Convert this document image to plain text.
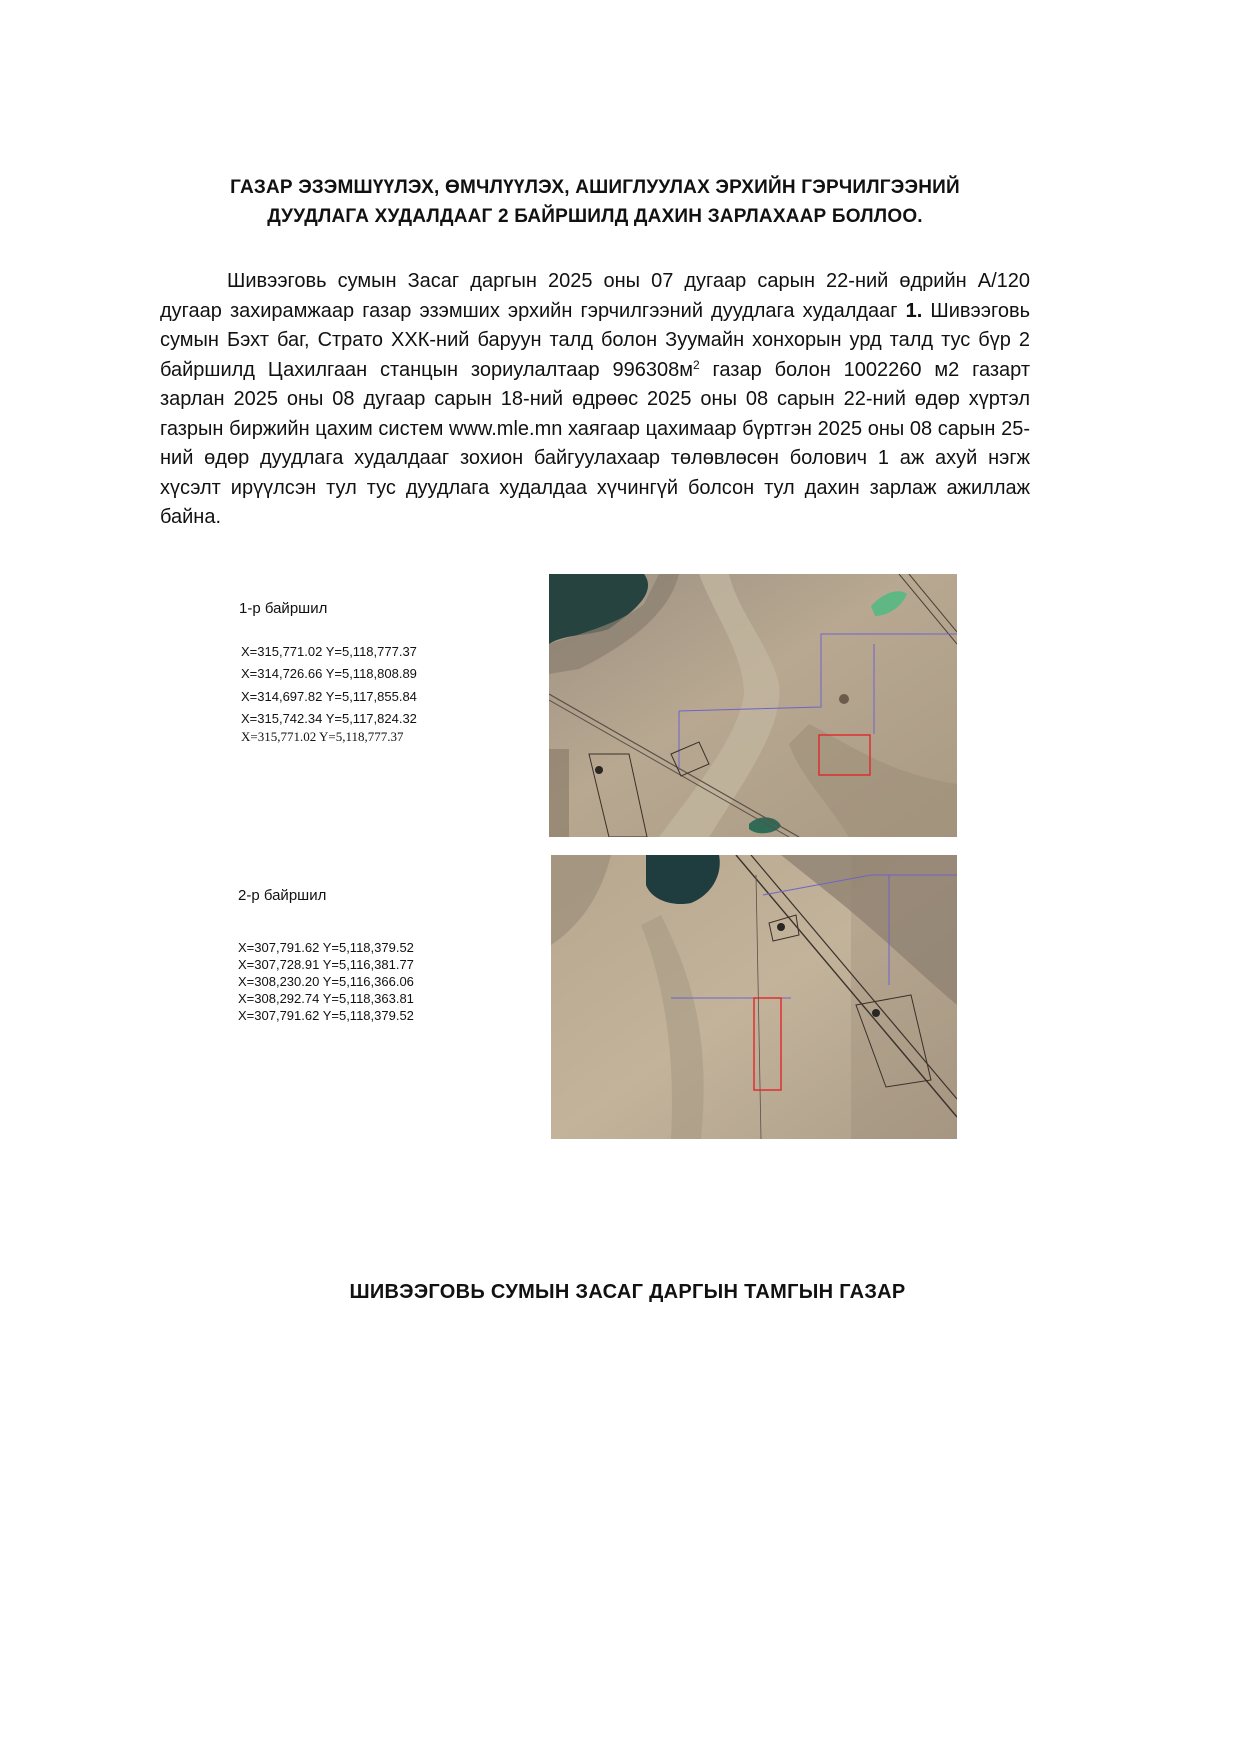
ГАЗАР ЭЗЭМШҮҮЛЭХ, ӨМЧЛҮҮЛЭХ, АШИГЛУУЛАХ ЭРХИЙН ГЭРЧИЛГЭЭНИЙ
ДУУДЛАГА ХУДАЛДААГ 2 БАЙРШИЛД ДАХИН ЗАРЛАХААР БОЛЛОО.
Шивээговь сумын Засаг даргын 2025 оны 07 дугаар сарын 22-ний өдрийн А/120 дугаар захирамжаар газар эзэмших эрхийн гэрчилгээний дуудлага худалдааг 1. Шивээговь сумын Бэхт баг, Страто ХХК-ний баруун талд болон Зуумайн хонхорын урд талд тус бүр 2 байршилд Цахилгаан станцын зориулалтаар $996308м^2$ газар болон 1002260 м2 газарт зарлан 2025 оны 08 дугаар сарын 18-ний өдрөөс 2025 оны 08 сарын 22-ний өдөр хүртэл газрын биржийн цахим систем www.mle.mn хаягаар цахимаар бүртгэн 2025 оны 08 сарын 25-ний өдөр дуудлага худалдааг зохион байгуулахаар төлөвлөсөн болович 1 аж ахуй нэгж хүсэлт ирүүлсэн тул тус дуудлага худалдаа хүчингүй болсон тул дахин зарлаж ажиллаж байна.
1-р байршил
X=315,771.02 Y=5,118,777.37
X=314,726.66 Y=5,118,808.89
X=314,697.82 Y=5,117,855.84
X=315,742.34 Y=5,117,824.32
X=315,771.02 Y=5,118,777.37
2-р байршил
X=307,791.62 Y=5,118,379.52
X=307,728.91 Y=5,116,381.77
X=308,230.20 Y=5,116,366.06
X=308,292.74 Y=5,118,363.81
X=307,791.62 Y=5,118,379.52
ШИВЭЭГОВЬ СУМЫН ЗАСАГ ДАРГЫН ТАМГЫН ГАЗАР
